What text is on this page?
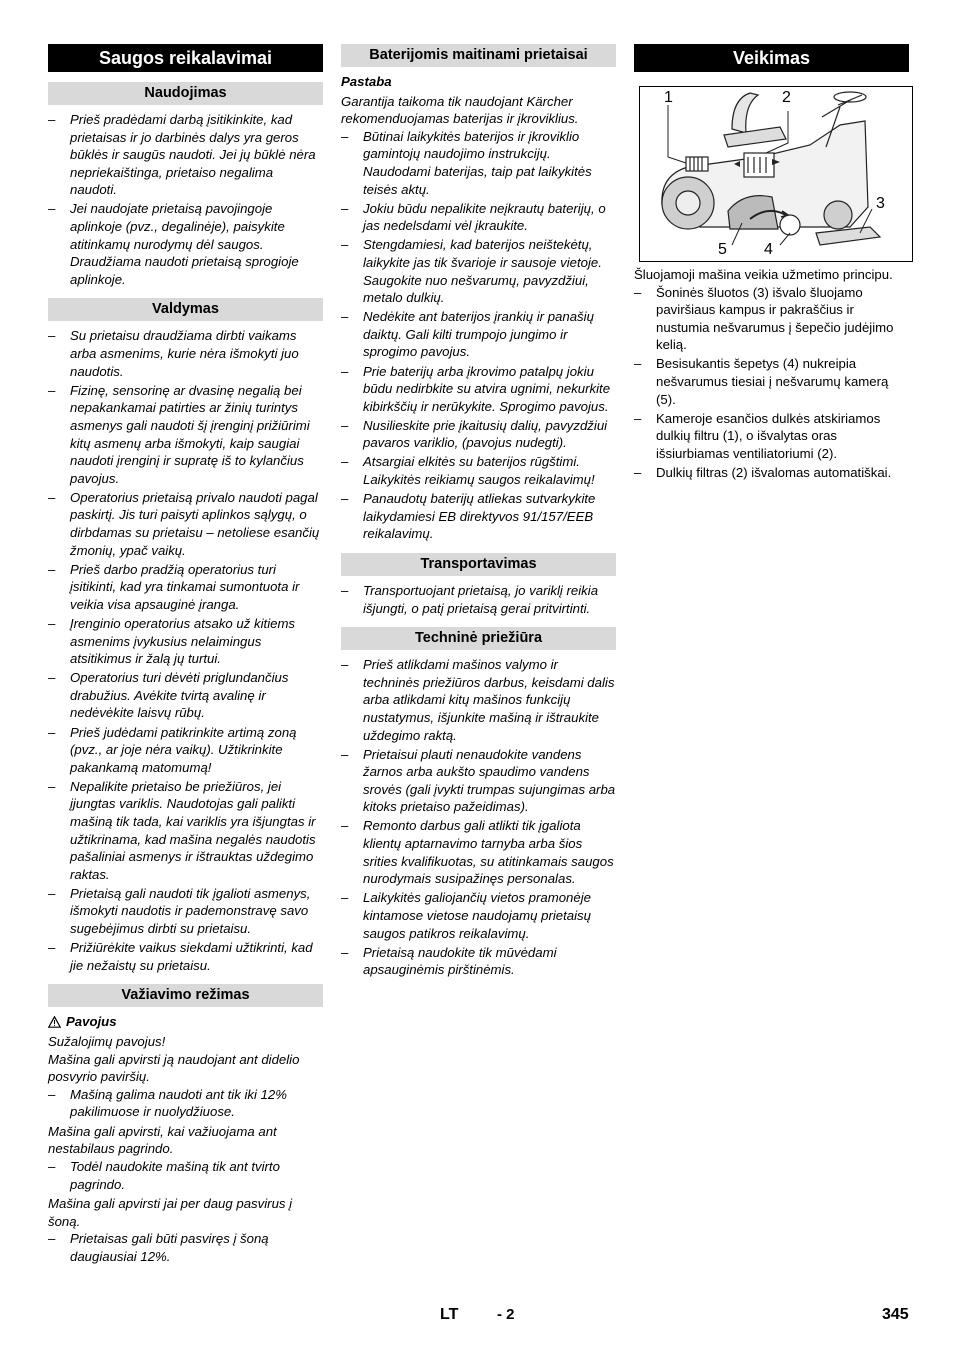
Saugos reikalavimai
Naudojimas
– Prieš pradėdami darbą įsitikinkite, kad prietaisas ir jo darbinės dalys yra geros būklės ir saugūs naudoti. Jei jų būklė nėra nepriekaištinga, prietaiso negalima naudoti.
– Jei naudojate prietaisą pavojingoje aplinkoje (pvz., degalinėje), paisykite atitinkamų nurodymų dėl saugos. Draudžiama naudoti prietaisą sprogioje aplinkoje.
Valdymas
– Su prietaisu draudžiama dirbti vaikams arba asmenims, kurie nėra išmokyti juo naudotis.
– Fizinę, sensorinę ar dvasinę negalią bei nepakankamai patirties ar žinių turintys asmenys gali naudoti šį įrenginį prižiūrimi kitų asmenų arba išmokyti, kaip saugiai naudoti įrenginį ir supratę iš to kylančius pavojus.
– Operatorius prietaisą privalo naudoti pagal paskirtį. Jis turi paisyti aplinkos sąlygų, o dirbdamas su prietaisu – netoliese esančių žmonių, ypač vaikų.
– Prieš darbo pradžią operatorius turi įsitikinti, kad yra tinkamai sumontuota ir veikia visa apsauginė įranga.
– Įrenginio operatorius atsako už kitiems asmenims įvykusius nelaimingus atsitikimus ir žalą jų turtui.
– Operatorius turi dėvėti priglundančius drabužius. Avėkite tvirtą avalinę ir nedėvėkite laisvų rūbų.
– Prieš judėdami patikrinkite artimą zoną (pvz., ar joje nėra vaikų). Užtikrinkite pakankamą matomumą!
– Nepalikite prietaiso be priežiūros, jei įjungtas variklis. Naudotojas gali palikti mašiną tik tada, kai variklis yra išjungtas ir užtikrinama, kad mašina negalės naudotis pašaliniai asmenys ir ištrauktas uždegimo raktas.
– Prietaisą gali naudoti tik įgalioti asmenys, išmokyti naudotis ir pademonstravę savo sugebėjimus dirbti su prietaisu.
– Prižiūrėkite vaikus siekdami užtikrinti, kad jie nežaistų su prietaisu.
Važiavimo režimas
Pavojus

Sužalojimų pavojus!

Mašina gali apvirsti ją naudojant ant didelio posvyrio paviršių.

– Mašiną galima naudoti ant tik iki 12% pakilimuose ir nuolydžiuose.

Mašina gali apvirsti, kai važiuojama ant nestabilaus pagrindo.

– Todėl naudokite mašiną tik ant tvirto pagrindo.

Mašina gali apvirsti jai per daug pasvirus į šoną.

– Prietaisas gali būti pasviręs į šoną daugiausiai 12%.
Baterijomis maitinami prietaisai
Pastaba

Garantija taikoma tik naudojant Kärcher rekomenduojamas baterijas ir įkroviklius.

– Būtinai laikykitės baterijos ir įkroviklio gamintojų naudojimo instrukcijų. Naudodami baterijas, taip pat laikykitės teisės aktų.
– Jokiu būdu nepalikite neįkrautų baterijų, o jas nedelsdami vėl įkraukite.
– Stengdamiesi, kad baterijos neištekėtų, laikykite jas tik švarioje ir sausoje vietoje. Saugokite nuo nešvarumų, pavyzdžiui, metalo dulkių.
– Nedėkite ant baterijos įrankių ir panašių daiktų. Gali kilti trumpojo jungimo ir sprogimo pavojus.
– Prie baterijų arba įkrovimo patalpų jokiu būdu nedirbkite su atvira ugnimi, nekurkite kibirkščių ir nerūkykite. Sprogimo pavojus.
– Nusilieskite prie įkaitusių dalių, pavyzdžiui pavaros variklio, (pavojus nudegti).
– Atsargiai elkitės su baterijos rūgštimi. Laikykitės reikiamų saugos reikalavimų!
– Panaudotų baterijų atliekas sutvarkykite laikydamiesi EB direktyvos 91/157/EEB reikalavimų.
Transportavimas
– Transportuojant prietaisą, jo variklį reikia išjungti, o patį prietaisą gerai pritvirtinti.
Techninė priežiūra
– Prieš atlikdami mašinos valymo ir techninės priežiūros darbus, keisdami dalis arba atlikdami kitų mašinos funkcijų nustatymus, išjunkite mašiną ir ištraukite uždegimo raktą.
– Prietaisui plauti nenaudokite vandens žarnos arba aukšto spaudimo vandens srovės (gali įvykti trumpas sujungimas arba kitoks prietaiso pažeidimas).
– Remonto darbus gali atlikti tik įgaliota klientų aptarnavimo tarnyba arba šios srities kvalifikuotas, su atitinkamais saugos nurodymais susipažinęs personalas.
– Laikykitės galiojančių vietos pramonėje kintamose vietose naudojamų prietaisų saugos patikros reikalavimų.
– Prietaisą naudokite tik mūvėdami apsauginėmis pirštinėmis.
Veikimas
1	2
3
4
5

Šluojamoji mašina veikia užmetimo principu.

– Šoninės šluotos (3) išvalo šluojamo paviršiaus kampus ir pakraščius ir nustumia nešvarumus į šepečio judėjimo kelią.
– Besisukantis šepetys (4) nukreipia nešvarumus tiesiai į nešvarumų kamerą (5).
– Kameroje esančios dulkės atskiriamos dulkių filtru (1), o išvalytas oras išsiurbiamas ventiliatoriumi (2).
– Dulkių filtras (2) išvalomas automatiškai.
LT	- 2	345
